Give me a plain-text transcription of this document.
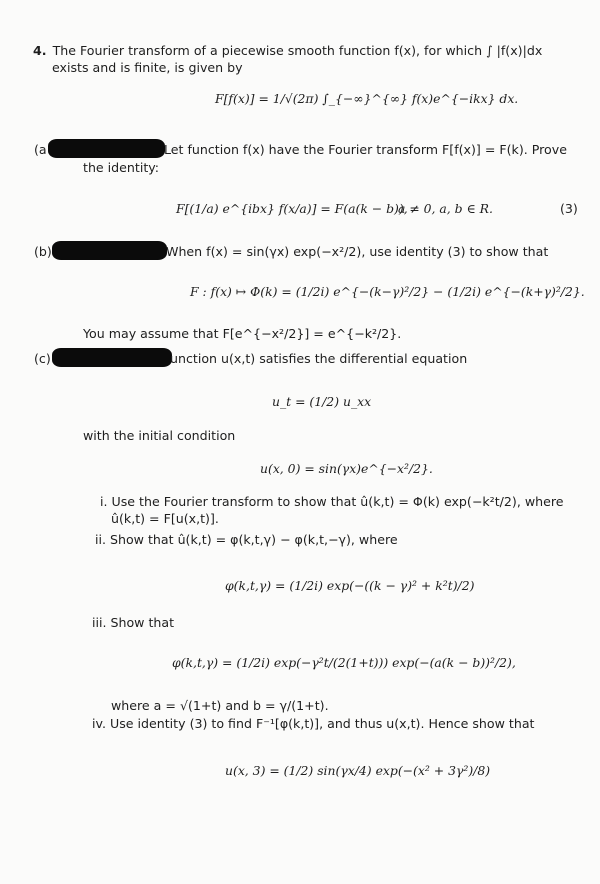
4. The Fourier transform of a piecewise smooth function f(x), for which ∫ |f(x)|dx
exists and is finite, is given by
F[f(x)] = 1/√(2π) ∫_{−∞}^{∞} f(x)e^{−ikx} dx.
(a	Let function f(x) have the Fourier transform F[f(x)] = F(k). Prove
the identity:
F[(1/a) e^{ibx} f(x/a)] = F(a(k − b)),
a ≠ 0, a, b ∈ R.	(3)
(b)	When f(x) = sin(γx) exp(−x²/2), use identity (3) to show that
F : f(x) ↦ Φ(k) = (1/2i) e^{−(k−γ)²/2} − (1/2i) e^{−(k+γ)²/2}.
You may assume that F[e^{−x²/2}] = e^{−k²/2}.
(c)	unction u(x,t) satisfies the differential equation
u_t = (1/2) u_xx
with the initial condition
u(x, 0) = sin(γx)e^{−x²/2}.
i. Use the Fourier transform to show that û(k,t) = Φ(k) exp(−k²t/2), where
û(k,t) = F[u(x,t)].
ii. Show that û(k,t) = φ(k,t,γ) − φ(k,t,−γ), where
φ(k,t,γ) = (1/2i) exp(−((k − γ)² + k²t)/2)
iii. Show that
φ(k,t,γ) = (1/2i) exp(−γ²t/(2(1+t))) exp(−(a(k − b))²/2),
where a = √(1+t) and b = γ/(1+t).
iv. Use identity (3) to find F⁻¹[φ(k,t)], and thus u(x,t). Hence show that
u(x, 3) = (1/2) sin(γx/4) exp(−(x² + 3γ²)/8)
